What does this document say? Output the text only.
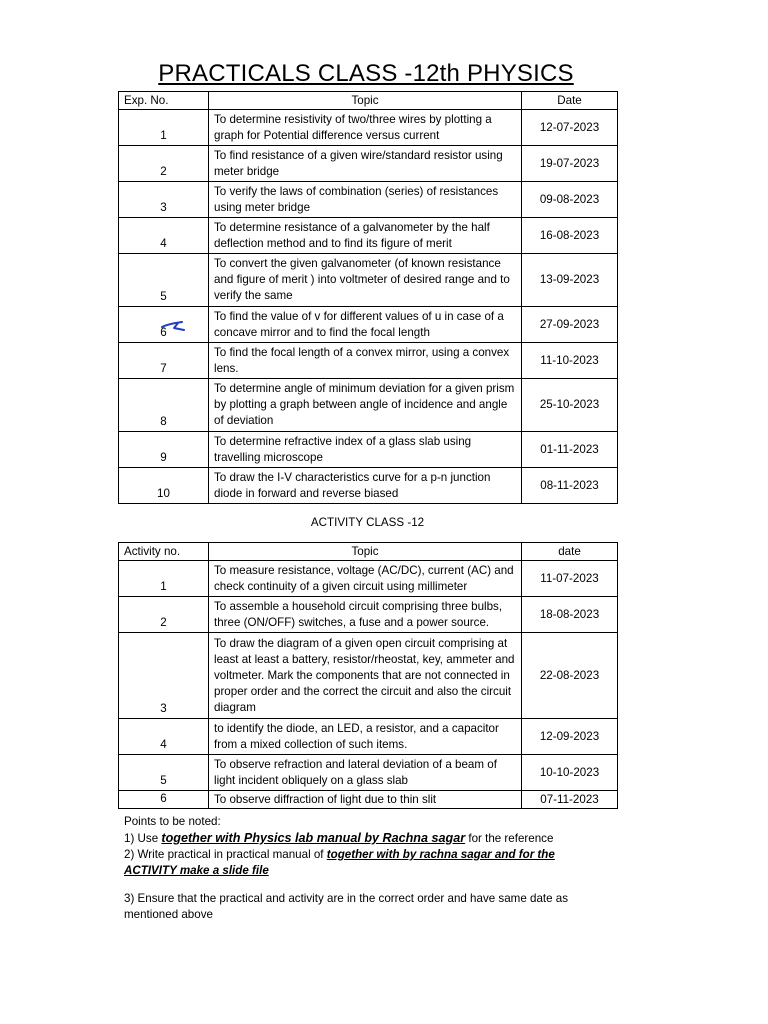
PRACTICALS CLASS -12th PHYSICS
Exp. No.	Topic	Date
1	To determine resistivity of two/three wires by plotting a graph for Potential difference versus current	12-07-2023
2	To find resistance of a given wire/standard resistor using meter bridge	19-07-2023
3	To verify the laws of combination (series) of resistances using meter bridge	09-08-2023
4	To determine resistance of a galvanometer by the half deflection method and to find its figure of merit	16-08-2023
5	To convert the given galvanometer (of known resistance and figure of merit ) into voltmeter of desired range and to verify the same	13-09-2023
6	To find the value of v for different values of u in case of a concave mirror and to find the focal length	27-09-2023
7	To find the focal length of a convex mirror, using a convex lens.	11-10-2023
8	To determine angle of minimum deviation for a given prism by plotting a graph between angle of incidence and angle of deviation	25-10-2023
9	To determine refractive index of a glass slab using travelling microscope	01-11-2023
10	To draw the I-V characteristics curve for a p-n junction diode in forward and reverse biased	08-11-2023
ACTIVITY CLASS -12
Activity no.	Topic	date
1	To measure resistance, voltage (AC/DC), current (AC) and check continuity of a given circuit using millimeter	11-07-2023
2	To assemble a household circuit comprising three bulbs, three (ON/OFF) switches, a fuse and a power source.	18-08-2023
3	To draw the diagram of a given open circuit comprising at least at least a battery, resistor/rheostat, key, ammeter and voltmeter. Mark the components that are not connected in proper order and the correct the circuit and also the circuit diagram	22-08-2023
4	to identify the diode, an LED, a resistor, and a capacitor from a mixed collection of such items.	12-09-2023
5	To observe refraction and lateral deviation of a beam of light incident obliquely on a glass slab	10-10-2023
6	To observe diffraction of light due to thin slit	07-11-2023

Points to be noted:

1) Use together with Physics lab manual by Rachna sagar for the reference

2) Write practical in practical manual of together with by rachna sagar and for the ACTIVITY make a slide file

3) Ensure that the practical and activity are in the correct order and have same date as mentioned above
